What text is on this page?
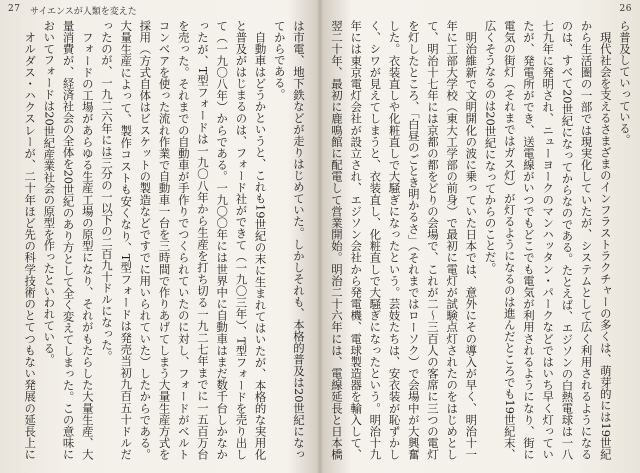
27 サイエンスが人類を変えた
は市電、地下鉄などが走りはじめていた。しかしそれも、本格的普及は20世紀になってからである。
　自動車はどうかというと、これも19世紀の末に生まれてはいたが、本格的な実用化と普及がはじまるのは、フォード社ができて（一九〇三年）、T型フォードを売り出して（一九〇八年）からである。一九〇〇年には世界中に自動車はまだ数千台しかなかったが、T型フォードは一九〇八年から生産を打ち切る一九二七年までに一五百万台を売った。それまでの自動車が手作りでつくられていたのに対し、フォードがベルトコンベアを使った流れ作業で自動車一台を三時間で作りあげてしまう大量生産方式を採用（方式自体はビスケットの製造などですでに用いられていた）したからである。大量生産によって、製作コストも安くなり、T型フォードは発売当初九百五十ドルだったのが、一九二六年には三分の一以下の二百九十ドルになった。
　フォードの工場があらゆる生産工場の原型になり、それがもたらした大量生産、大量消費が、経済社会の全体を20世紀のあり方として全く変えてしまった。この意味においてフォードは20世紀産業社会の原型を作ったといわれている。
　オルダス・ハクスレーが、二十年ほど先の科学技術のとてつもない発展の延長上に
26
ら普及していっている。
　現代社会を支えるさまざまのインフラストラクチャーの多くは、萌芽的には19世紀から生活圏の一部では現実化していたが、システムとして広く利用されるようになるのは、すべて20世紀になってからなのである。たとえば、エジソンの白熱電球は一八七九年に発明され、ニューヨークのマンハッタン・パークなどではいち早く灯っていたが、発電所ができ、送電線がいつでもどこでも電気が利用されるようになり、街に電気の街灯（それまではガス灯）が灯るようになるのは進んだところでも19世紀末、広くそうなるのは20世紀になってからのことだ。
　明治維新で文明開化の波に乗っていた日本では、意外にその導入が早く、明治十一年に工部大学校（東大工学部の前身）で最初に電灯が試験点灯されたのをはじめとして、明治十七年には京都の都をどりの会場で、これが二〜三百人の客席に三つの電灯を灯したところ、「白昼のごとき明かるさ」（それまではローソク）で会場中が大興奮した。衣装直しや化粧直しで大騒ぎになったという。芸妓たちは、安衣装が恥ずかしく、シワが見えてしまうと、衣装直し、化粧直しで大騒ぎになったという。明治十九年には東京電灯会社が設立され、エジソン会社から発電機、電球製造器を輸入して、翌二十年、最初に鹿鳴館に配電して営業開始。明治二十六年には、電線延長と日本橋
